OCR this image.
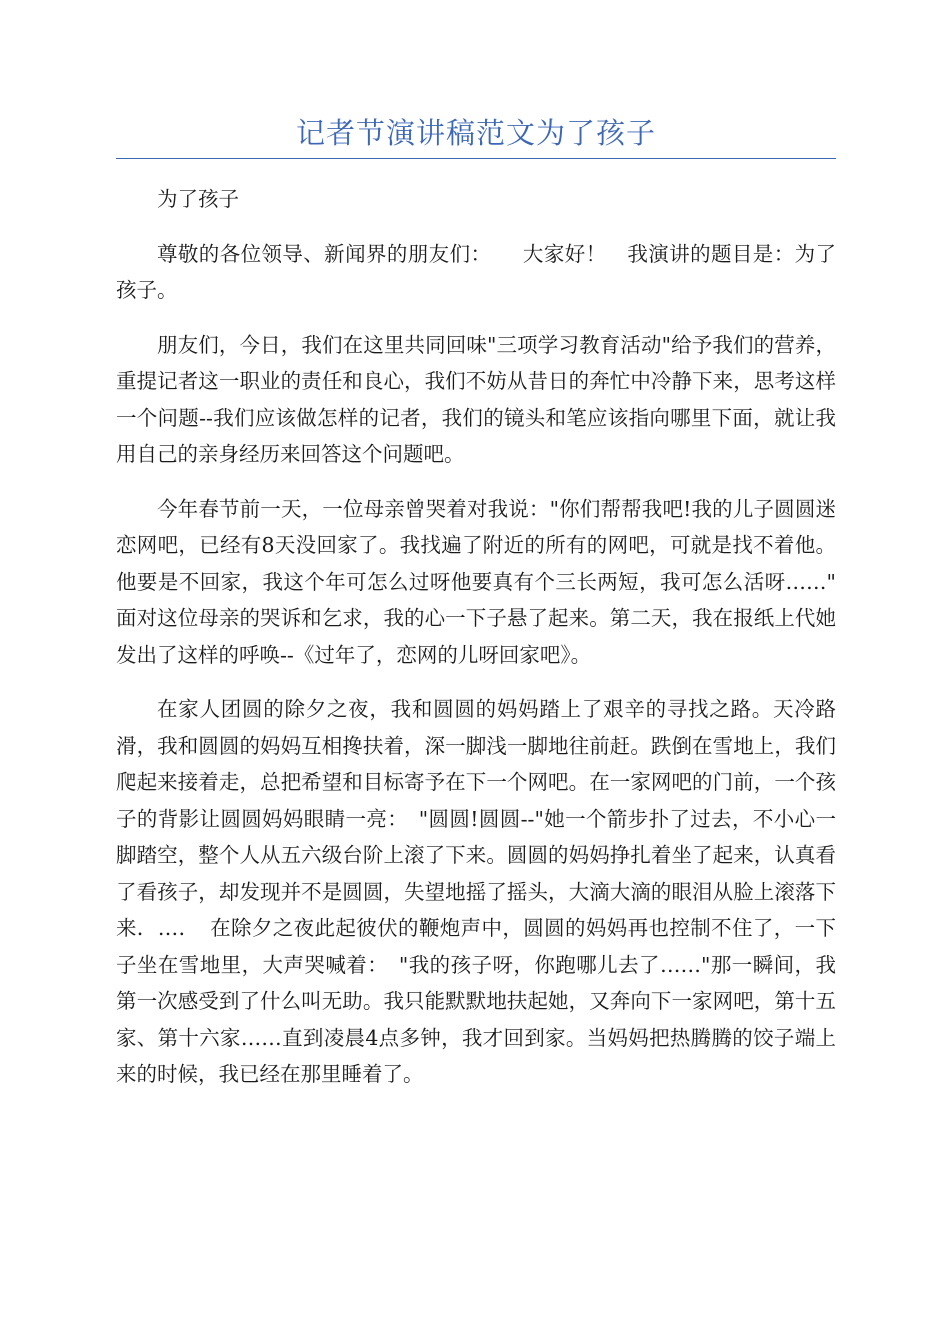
记者节演讲稿范文为了孩子

为了孩子

尊敬的各位领导、新闻界的朋友们：　　大家好！　我演讲的题目是：为了孩子。

朋友们，今日，我们在这里共同回味"三项学习教育活动"给予我们的营养，重提记者这一职业的责任和良心，我们不妨从昔日的奔忙中冷静下来，思考这样一个问题--我们应该做怎样的记者，我们的镜头和笔应该指向哪里下面，就让我用自己的亲身经历来回答这个问题吧。

今年春节前一天，一位母亲曾哭着对我说："你们帮帮我吧!我的儿子圆圆迷恋网吧，已经有8天没回家了。我找遍了附近的所有的网吧，可就是找不着他。他要是不回家，我这个年可怎么过呀他要真有个三长两短，我可怎么活呀……"　面对这位母亲的哭诉和乞求，我的心一下子悬了起来。第二天，我在报纸上代她发出了这样的呼唤--《过年了，恋网的儿呀回家吧》。

在家人团圆的除夕之夜，我和圆圆的妈妈踏上了艰辛的寻找之路。天冷路滑，我和圆圆的妈妈互相搀扶着，深一脚浅一脚地往前赶。跌倒在雪地上，我们爬起来接着走，总把希望和目标寄予在下一个网吧。在一家网吧的门前，一个孩子的背影让圆圆妈妈眼睛一亮：　"圆圆!圆圆--"她一个箭步扑了过去，不小心一脚踏空，整个人从五六级台阶上滚了下来。圆圆的妈妈挣扎着坐了起来，认真看了看孩子，却发现并不是圆圆，失望地摇了摇头，大滴大滴的眼泪从脸上滚落下来．…．　在除夕之夜此起彼伏的鞭炮声中，圆圆的妈妈再也控制不住了，一下子坐在雪地里，大声哭喊着：　"我的孩子呀，你跑哪儿去了……"那一瞬间，我第一次感受到了什么叫无助。我只能默默地扶起她，又奔向下一家网吧，第十五家、第十六家……直到凌晨4点多钟，我才回到家。当妈妈把热腾腾的饺子端上来的时候，我已经在那里睡着了。
